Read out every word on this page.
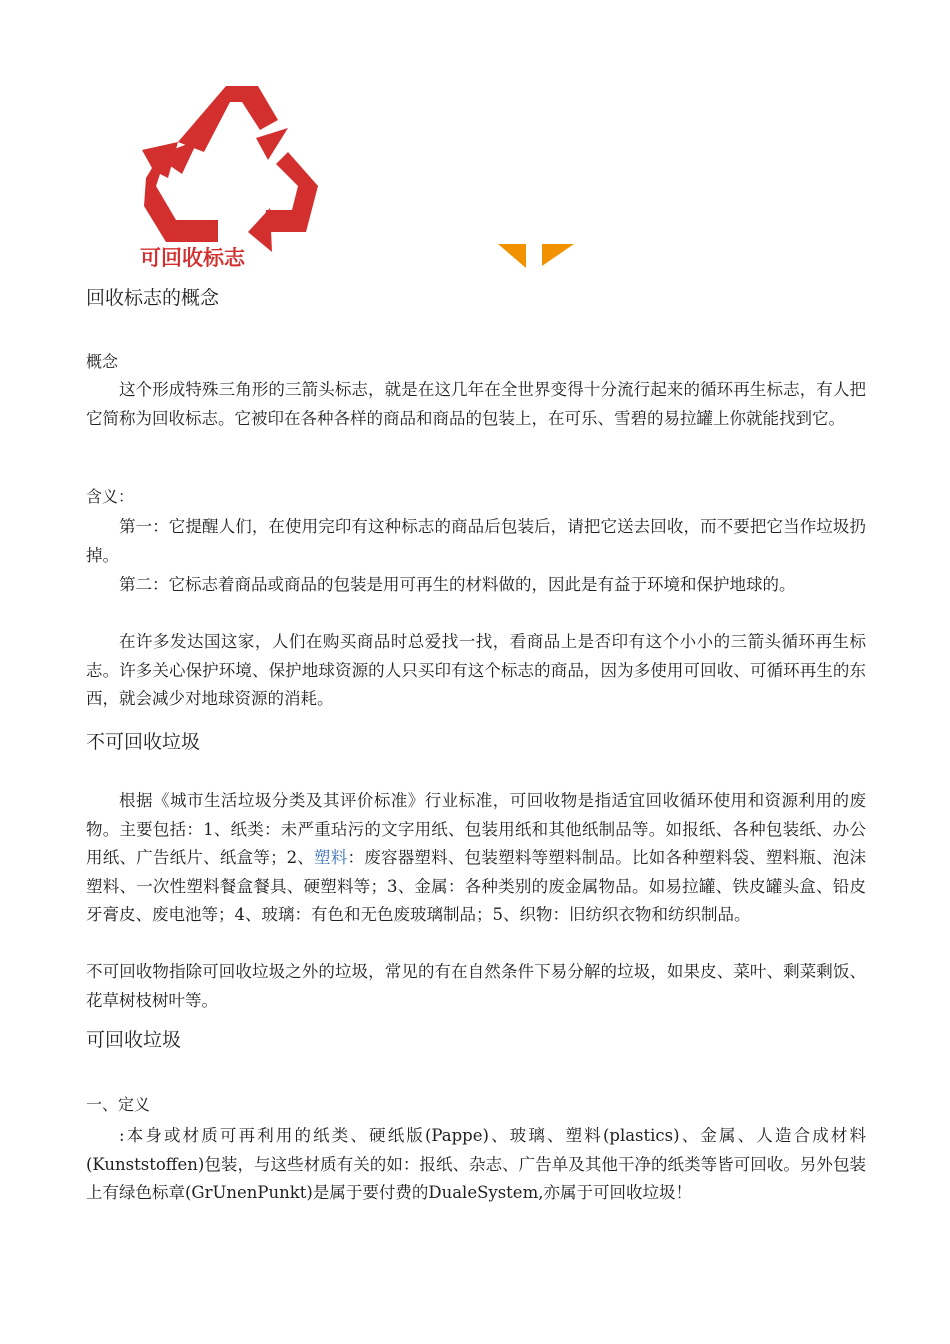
可回收标志
回收标志的概念
概念

这个形成特殊三角形的三箭头标志，就是在这几年在全世界变得十分流行起来的循环再生标志，有人把它简称为回收标志。它被印在各种各样的商品和商品的包装上，在可乐、雪碧的易拉罐上你就能找到它。

含义：

第一：它提醒人们，在使用完印有这种标志的商品后包装后，请把它送去回收，而不要把它当作垃圾扔掉。

第二：它标志着商品或商品的包装是用可再生的材料做的，因此是有益于环境和保护地球的。

在许多发达国这家，人们在购买商品时总爱找一找，看商品上是否印有这个小小的三箭头循环再生标志。许多关心保护环境、保护地球资源的人只买印有这个标志的商品，因为多使用可回收、可循环再生的东西，就会减少对地球资源的消耗。

不可回收垃圾

根据《城市生活垃圾分类及其评价标准》行业标准，可回收物是指适宜回收循环使用和资源利用的废物。主要包括：1、纸类：未严重玷污的文字用纸、包装用纸和其他纸制品等。如报纸、各种包装纸、办公用纸、广告纸片、纸盒等；2、塑料：废容器塑料、包装塑料等塑料制品。比如各种塑料袋、塑料瓶、泡沫塑料、一次性塑料餐盒餐具、硬塑料等；3、金属：各种类别的废金属物品。如易拉罐、铁皮罐头盒、铅皮牙膏皮、废电池等；4、玻璃：有色和无色废玻璃制品；5、织物：旧纺织衣物和纺织制品。

不可回收物指除可回收垃圾之外的垃圾，常见的有在自然条件下易分解的垃圾，如果皮、菜叶、剩菜剩饭、花草树枝树叶等。

可回收垃圾
一、定义

:本身或材质可再利用的纸类、硬纸版(Pappe)、玻璃、塑料(plastics)、金属、人造合成材料(Kunststoffen)包装，与这些材质有关的如：报纸、杂志、广告单及其他干净的纸类等皆可回收。另外包装上有绿色标章(GrUnenPunkt)是属于要付费的DualeSystem,亦属于可回收垃圾！
